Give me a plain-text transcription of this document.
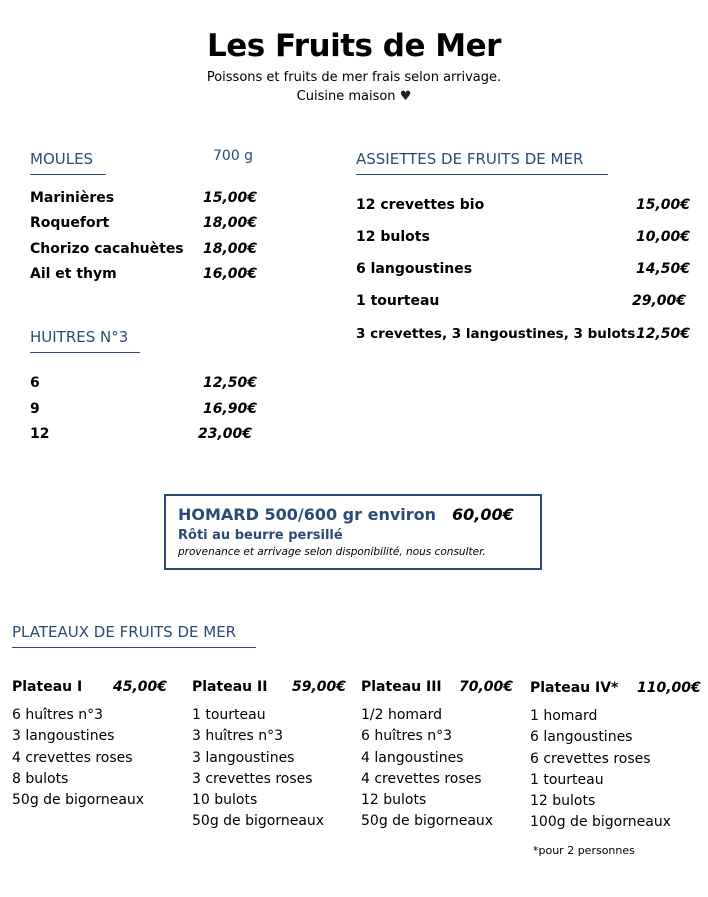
Les Fruits de Mer
Poissons et fruits de mer frais selon arrivage.
Cuisine maison ♥
MOULES	700 g
Marinières	15,00€
Roquefort	18,00€
Chorizo cacahuètes 18,00€
Ail et thym	16,00€
HUITRES N°3
6	12,50€
9	16,90€
12	23,00€
ASSIETTES DE FRUITS DE MER
12 crevettes bio	15,00€
12 bulots	10,00€
6 langoustines	14,50€
1 tourteau	29,00€
3 crevettes, 3 langoustines, 3 bulots 12,50€
HOMARD 500/600 gr environ 60,00€
Rôti au beurre persillé
provenance et arrivage selon disponibilité, nous consulter.
PLATEAUX DE FRUITS DE MER
Plateau I 45,00€
6 huîtres n°3
3 langoustines
4 crevettes roses
8 bulots
50g de bigorneaux
Plateau II 59,00€
1 tourteau
3 huîtres n°3
3 langoustines
3 crevettes roses
10 bulots
50g de bigorneaux
Plateau III 70,00€
1/2 homard
6 huîtres n°3
4 langoustines
4 crevettes roses
12 bulots
50g de bigorneaux
Plateau IV* 110,00€
1 homard
6 langoustines
6 crevettes roses
1 tourteau
12 bulots
100g de bigorneaux
*pour 2 personnes
